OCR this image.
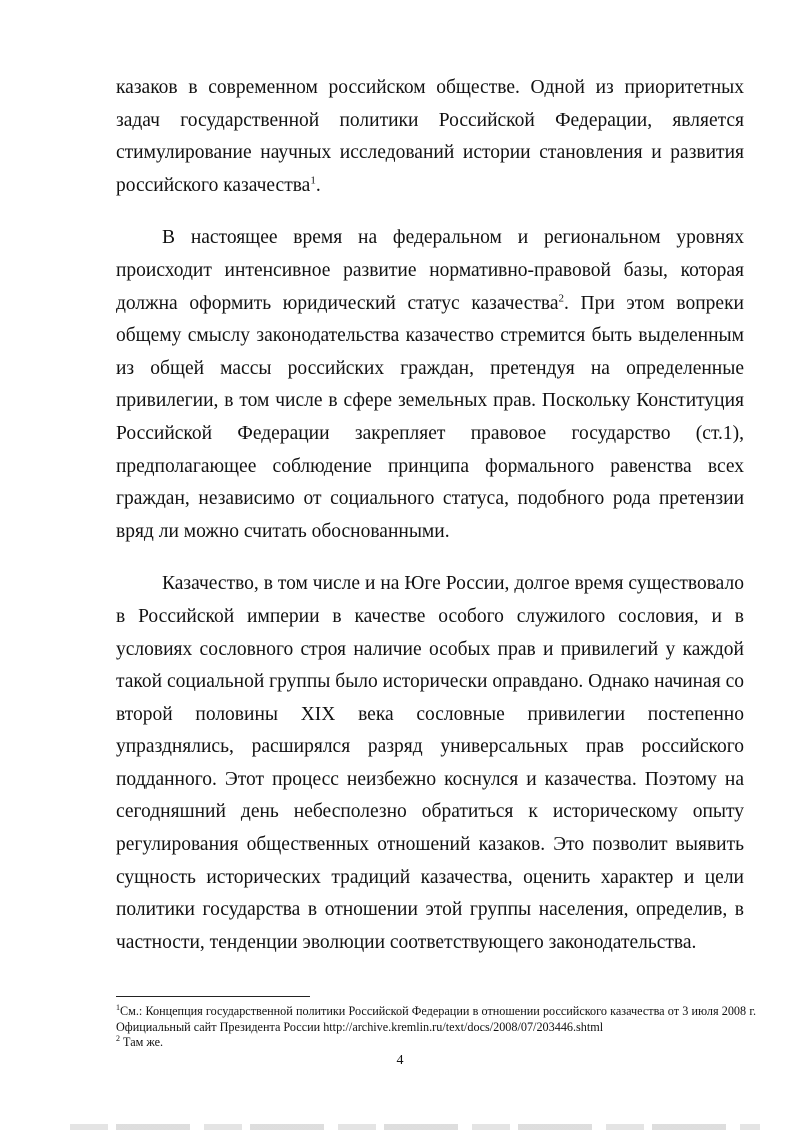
казаков в современном российском обществе. Одной из приоритетных задач государственной политики Российской Федерации, является стимулирование научных исследований истории становления и развития российского казачества$^1$.

В настоящее время на федеральном и региональном уровнях происходит интенсивное развитие нормативно-правовой базы, которая должна оформить юридический статус казачества$^2$. При этом вопреки общему смыслу законодательства казачество стремится быть выделенным из общей массы российских граждан, претендуя на определенные привилегии, в том числе в сфере земельных прав. Поскольку Конституция Российской Федерации закрепляет правовое государство (ст.1), предполагающее соблюдение принципа формального равенства всех граждан, независимо от социального статуса, подобного рода претензии вряд ли можно считать обоснованными.

Казачество, в том числе и на Юге России, долгое время существовало в Российской империи в качестве особого служилого сословия, и в условиях сословного строя наличие особых прав и привилегий у каждой такой социальной группы было исторически оправдано. Однако начиная со второй половины XIX века сословные привилегии постепенно упразднялись, расширялся разряд универсальных прав российского подданного. Этот процесс неизбежно коснулся и казачества. Поэтому на сегодняшний день небесполезно обратиться к историческому опыту регулирования общественных отношений казаков. Это позволит выявить сущность исторических традиций казачества, оценить характер и цели политики государства в отношении этой группы населения, определив, в частности, тенденции эволюции соответствующего законодательства.

$^1$См.: Концепция государственной политики Российской Федерации в отношении российского казачества от 3 июля 2008 г. Официальный сайт Президента России http://archive.kremlin.ru/text/docs/2008/07/203446.shtml

$^2$ Там же.

4
